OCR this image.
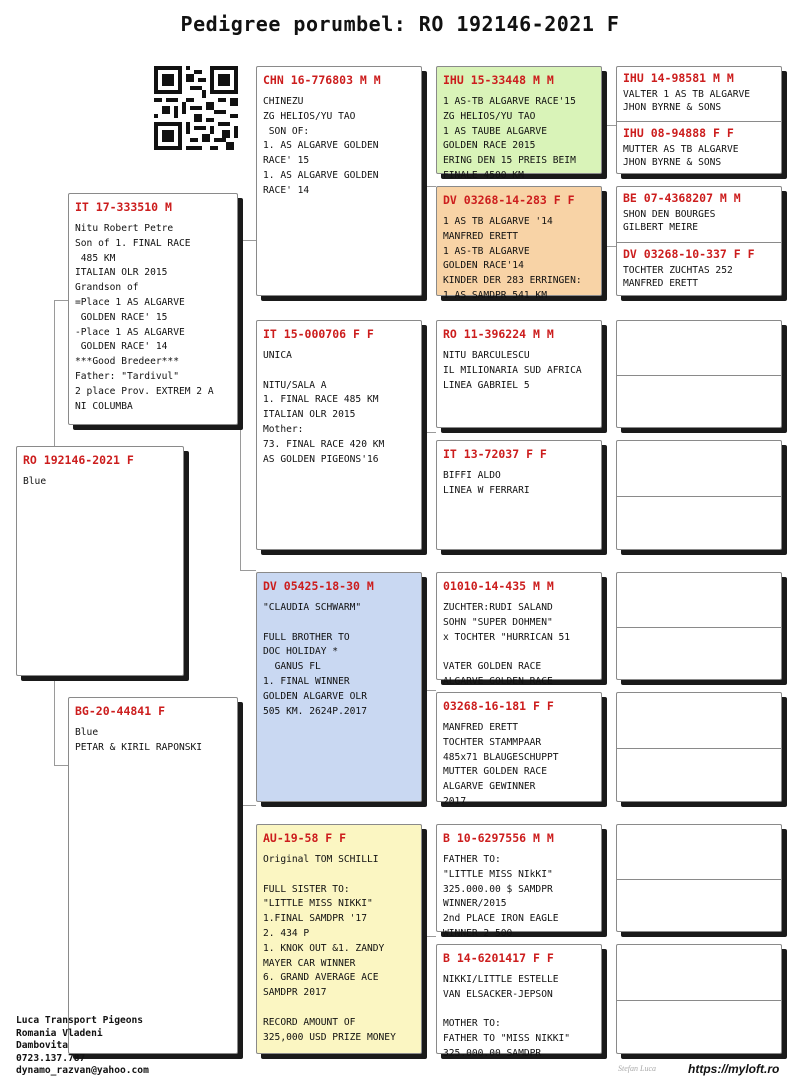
Pedigree porumbel: RO 192146-2021 F
RO 192146-2021 F
Blue
IT 17-333510 M
Nitu Robert Petre
Son of 1. FINAL RACE
485 KM
ITALIAN OLR 2015
Grandson of
=Place 1 AS ALGARVE
GOLDEN RACE' 15
-Place 1 AS ALGARVE
GOLDEN RACE' 14
***Good Bredeer***
Father: "Tardivul"
2 place Prov. EXTREM 2 A
NI COLUMBA
BG-20-44841 F
Blue
PETAR & KIRIL RAPONSKI
CHN 16-776803 M M
CHINEZU
ZG HELIOS/YU TAO
SON OF:
1. AS ALGARVE GOLDEN
RACE' 15
1. AS ALGARVE GOLDEN
RACE' 14
IT 15-000706 F F
UNICA

NITU/SALA A
1. FINAL RACE 485 KM
ITALIAN OLR 2015
Mother:
73. FINAL RACE 420 KM
AS GOLDEN PIGEONS'16
DV 05425-18-30 M
"CLAUDIA SCHWARM"

FULL BROTHER TO
DOC HOLIDAY *
GANUS FL
1. FINAL WINNER
GOLDEN ALGARVE OLR
505 KM. 2624P.2017
AU-19-58 F F
Original TOM SCHILLI

FULL SISTER TO:
"LITTLE MISS NIKKI"
1.FINAL SAMDPR '17
2. 434 P
1. KNOK OUT &1. ZANDY
MAYER CAR WINNER
6. GRAND AVERAGE ACE
SAMDPR 2017

RECORD AMOUNT OF
325,000 USD PRIZE MONEY
IHU 15-33448 M M
1 AS-TB ALGARVE RACE'15
ZG HELIOS/YU TAO
1 AS TAUBE ALGARVE
GOLDEN RACE 2015
ERING DEN 15 PREIS BEIM
FINALE 4500 KM
DV 03268-14-283 F F
1 AS TB ALGARVE '14
MANFRED ERETT
1 AS-TB ALGARVE
GOLDEN RACE'14
KINDER DER 283 ERRINGEN:
1 AS SAMDPR 541 KM
RO 11-396224 M M
NITU BARCULESCU
IL MILIONARIA SUD AFRICA
LINEA GABRIEL 5
IT 13-72037 F F
BIFFI ALDO
LINEA W FERRARI
01010-14-435 M M
ZUCHTER:RUDI SALAND
SOHN "SUPER DOHMEN"
x TOCHTER "HURRICAN 51

VATER GOLDEN RACE
ALGARVE GOLDEN RACE
03268-16-181 F F
MANFRED ERETT
TOCHTER STAMMPAAR
485x71 BLAUGESCHUPPT
MUTTER GOLDEN RACE
ALGARVE GEWINNER
2017
B 10-6297556 M M
FATHER TO:
"LITTLE MISS NIkKI"
325.000.00 $ SAMDPR
WINNER/2015
2nd PLACE IRON EAGLE
WINNER 2 500
B 14-6201417 F F
NIKKI/LITTLE ESTELLE
VAN ELSACKER-JEPSON

MOTHER TO:
FATHER TO "MISS NIKKI"
325.000.00 SAMDPR
IHU 14-98581 M M
VALTER 1 AS TB ALGARVE
JHON BYRNE & SONS
IHU 08-94888 F F
MUTTER AS TB ALGARVE
JHON BYRNE & SONS
BE 07-4368207 M M
SHON DEN BOURGES
GILBERT MEIRE
DV 03268-10-337 F F
TOCHTER ZUCHTAS 252
MANFRED ERETT
Luca Transport Pigeons
Romania Vladeni
Dambovita
0723.137.787
dynamo_razvan@yahoo.com	Stefan Luca	https://myloft.ro
